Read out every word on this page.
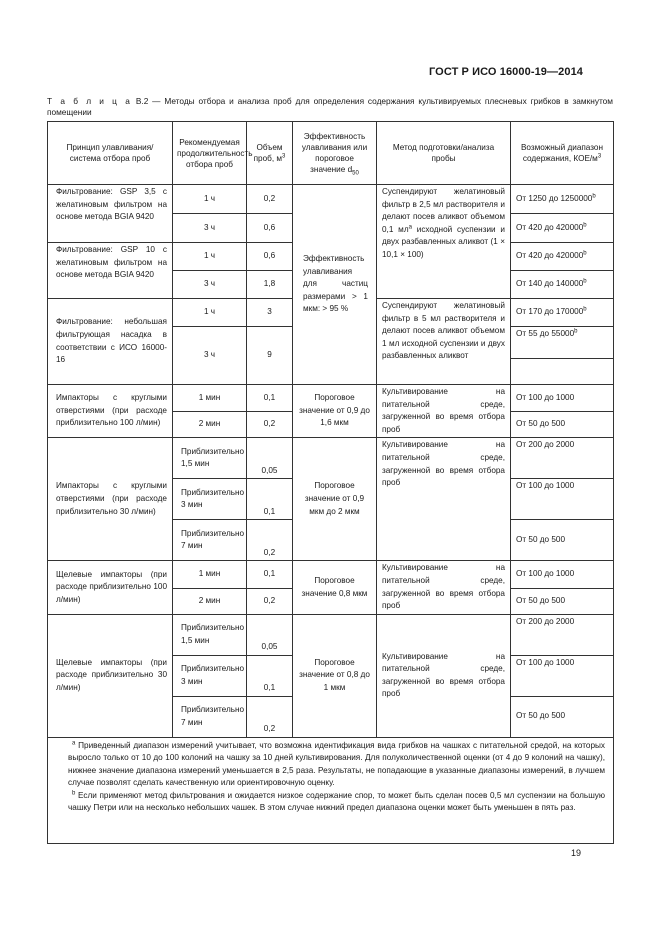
ГОСТ Р ИСО 16000-19—2014
Т а б л и ц а В.2 — Методы отбора и анализа проб для определения содержания культивируемых плесневых грибков в замкнутом помещении
Принцип улавливания/система отбора проб	Рекомендуемая продолжительность отбора проб	Объем проб, $м^3$	Эффективность улавливания или пороговое значение $d_{50}$	Метод подготовки/анализа пробы	Возможный диапазон содержания, КОЕ/$м^3$
Фильтрование: GSP 3,5 с желатиновым фильтром на основе метода BGIA 9420	1 ч	0,2	Эффективность улавливания для частиц размерами > 1 мкм: > 95 %	Суспендируют желатиновый фильтр в 2,5 мл растворителя и делают посев аликвот объемом 0,1 $мл^a$ исходной суспензии и двух разбавленных аликвот (1 × 10,1 × 100)	От 1250 до 1250000$^b$
	3 ч	0,6			От 420 до 420000$^b$
Фильтрование: GSP 10 с желатиновым фильтром на основе метода BGIA 9420	1 ч	0,6			От 420 до 420000$^b$
	3 ч	1,8			От 140 до 140000$^b$
Фильтрование: небольшая фильтрующая насадка в соответствии с ИСО 16000-16	1 ч	3		Суспендируют желатиновый фильтр в 5 мл растворителя и делают посев аликвот объемом 1 мл исходной суспензии и двух разбавленных аликвот	От 170 до 170000$^b$
	3 ч	9			От 55 до 55000$^b$

Импакторы с круглыми отверстиями (при расходе приблизительно 100 л/мин)	1 мин	0,1	Пороговое значение от 0,9 до 1,6 мкм	Культивирование на питательной среде, загруженной во время отбора проб	От 100 до 1000
	2 мин	0,2			От 50 до 500
Импакторы с круглыми отверстиями (при расходе приблизительно 30 л/мин)	Приблизительно 1,5 мин	0,05	Пороговое значение от 0,9 мкм до 2 мкм	Культивирование на питательной среде, загруженной во время отбора проб	От 200 до 2000
	Приблизительно 3 мин	0,1			От 100 до 1000
	Приблизительно 7 мин	0,2			От 50 до 500
Щелевые импакторы (при расходе приблизительно 100 л/мин)	1 мин	0,1	Пороговое значение 0,8 мкм	Культивирование на питательной среде, загруженной во время отбора проб	От 100 до 1000
	2 мин	0,2			От 50 до 500
Щелевые импакторы (при расходе приблизительно 30 л/мин)	Приблизительно 1,5 мин	0,05	Пороговое значение от 0,8 до 1 мкм	Культивирование на питательной среде, загруженной во время отбора проб	От 200 до 2000
	Приблизительно 3 мин	0,1			От 100 до 1000
	Приблизительно 7 мин	0,2			От 50 до 500

$^a$ Приведенный диапазон измерений учитывает, что возможна идентификация вида грибков на чашках с питательной средой, на которых выросло только от 10 до 100 колоний на чашку за 10 дней культивирования. Для полуколичественной оценки (от 4 до 9 колоний на чашку), нижнее значение диапазона измерений уменьшается в 2,5 раза. Результаты, не попадающие в указанные диапазоны измерений, в лучшем случае позволят сделать качественную или ориентировочную оценку.

$^b$ Если применяют метод фильтрования и ожидается низкое содержание спор, то может быть сделан посев 0,5 мл суспензии на большую чашку Петри или на несколько небольших чашек. В этом случае нижний предел диапазона оценки может быть уменьшен в пять раз.					

19
